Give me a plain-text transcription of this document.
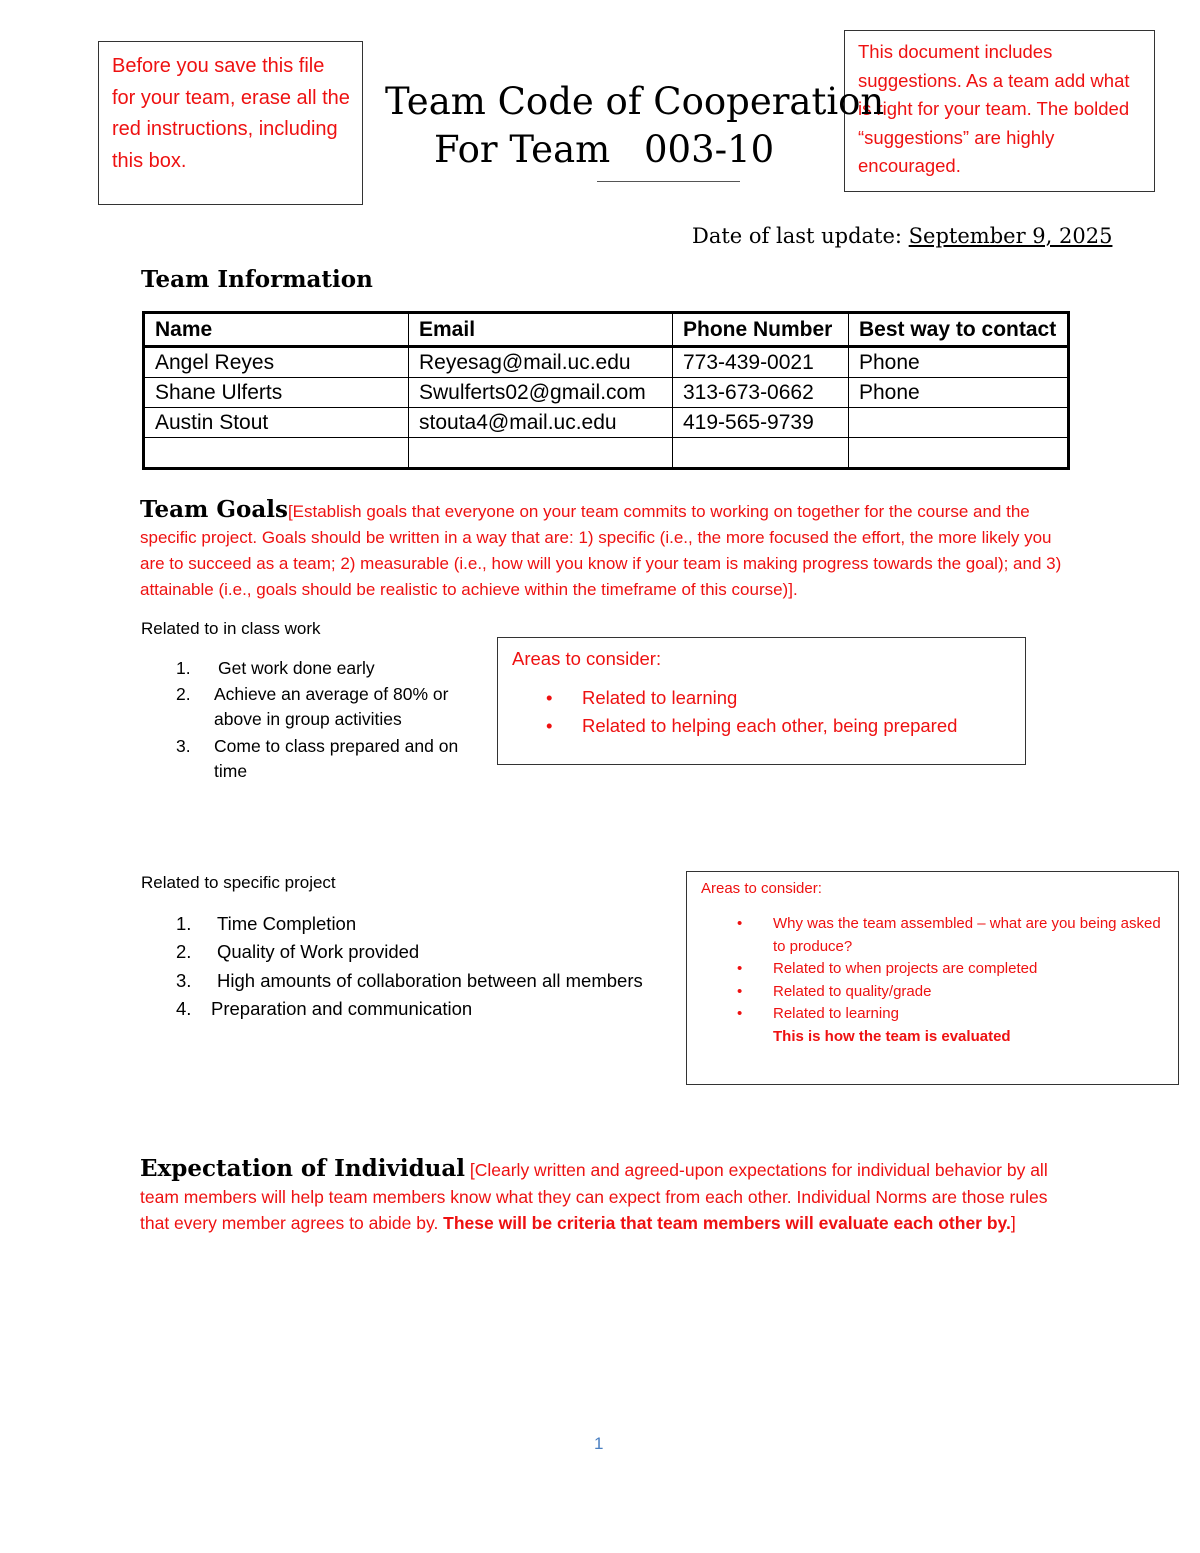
Before you save this file for your team, erase all the red instructions, including this box.
This document includes suggestions. As a team add what is right for your team. The bolded “suggestions” are highly encouraged.
Team Code of Cooperation
For Team 003-10
Date of last update: September 9, 2025
Team Information
Name	Email	Phone Number	Best way to contact
Angel Reyes	Reyesag@mail.uc.edu	773-439-0021	Phone
Shane Ulferts	Swulferts02@gmail.com	313-673-0662	Phone
Austin Stout	stouta4@mail.uc.edu	419-565-9739	

Team Goals[Establish goals that everyone on your team commits to working on together for the course and the specific project. Goals should be written in a way that are: 1) specific (i.e., the more focused the effort, the more likely you are to succeed as a team; 2) measurable (i.e., how will you know if your team is making progress towards the goal); and 3) attainable (i.e., goals should be realistic to achieve within the timeframe of this course)].
Related to in class work
1. Get work done early
2. Achieve an average of 80% or above in group activities
3. Come to class prepared and on time
Areas to consider:
• Related to learning
• Related to helping each other, being prepared
Related to specific project
1. Time Completion
2. Quality of Work provided
3. High amounts of collaboration between all members
4. Preparation and communication
Areas to consider:
• Why was the team assembled – what are you being asked to produce?
• Related to when projects are completed
• Related to quality/grade
• Related to learning
This is how the team is evaluated
Expectation of Individual [Clearly written and agreed-upon expectations for individual behavior by all team members will help team members know what they can expect from each other. Individual Norms are those rules that every member agrees to abide by. These will be criteria that team members will evaluate each other by.]
1
